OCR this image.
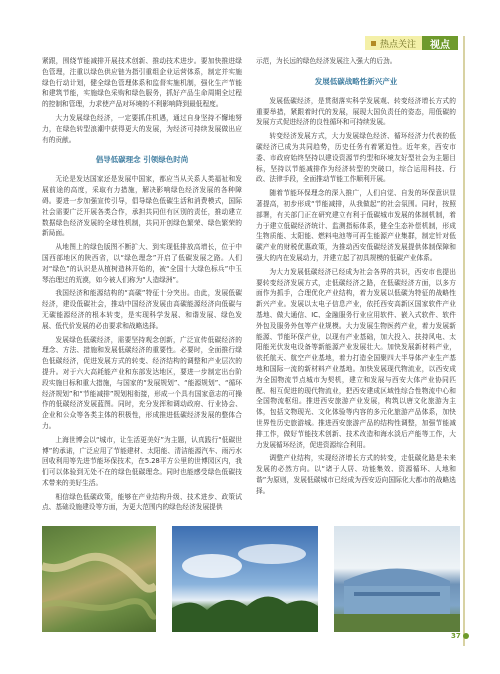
热点关注	视点

紧跟，围绕节能减排开展技术创新、推动技术进步。要加快推进绿色管理，注重以绿色供应链为指引重组企业运营体系，制定并实施绿色行动计划，健全绿色管理体系和监督实施机制，强化生产节能和建筑节能，实施绿色采购和绿色服务，抓好产品生命周期全过程的控制和管理，力求使产品对环境的不利影响降到最低程度。

大力发展绿色经济，一定要抓住机遇，通过自身坚持不懈地努力，在绿色转型浪潮中获得更大的发展，为经济可持续发展做出应有的贡献。

倡导低碳理念 引领绿色时尚

无论是发达国家还是发展中国家，都应当从关系人类福祉和发展前途的高度，采取有力措施，解决影响绿色经济发展的各种障碍。要进一步加强宣传引导，倡导绿色低碳生活和消费模式，国际社会需要广泛开展各类合作，承担共同但有区别的责任，推动建立数据绿色经济发展的全球性机制，共同开创绿色繁荣、绿色繁荣的新局面。

从地图上的绿色版图不断扩大、到实现低排放高增长，位于中国西部地区的陕西省，以“绿色理念”开启了低碳发展之路。人们对“绿色”的认识是从植树造林开始的，被“全国十大绿色标兵”中玉琴治理过的荒漠，如今被人们称为“人造绿洲”。

我国经济和能源结构的“高碳”特征十分突出。由此，发展低碳经济，建设低碳社会，推动中国经济发展由高碳能源经济向低碳与无碳能源经济的根本转变，是实现科学发展、和谐发展、绿色发展、低代价发展的必由要求和战略选择。

发展绿色低碳经济，需要坚持观念创新，广泛宣传低碳经济的理念、方法、措施和发展低碳经济的重要性。必要时，全面推行绿色低碳经济，促进发展方式的转变、经济结构的调整和产业层次的提升。对于六大高耗能产业和东部发达地区，要进一步制定出台阶段实施目标和重大措施，与国家的“发展规划”、“能源规划”、“循环经济规划”和“节能减排”规划相衔接，形成一个具有国家意志的可操作的低碳经济发展蓝图。同时，充分发挥和调动政府、行业协会、企业和公众等各类主体的积极性，形成推进低碳经济发展的整体合力。

上海世博会以“城市，让生活更美好”为主题，认真践行“低碳世博”的承诺，广泛应用了节能建材、太阳能、清洁能源汽车、雨污水回收利用等先进节能环保技术，在5.28平方公里的世博园区内，我们可以体验到无处不在的绿色低碳理念。同时也能感受绿色低碳技术带来的美好生活。

相信绿色低碳政策，能够在产业结构升级、技术进步、政策试点、基础设施建设等方面，为更大范围内的绿色经济发展提供

示范，为长远的绿色经济发展注入强大的后劲。

发展低碳战略性新兴产业

发展低碳经济，是贯彻落实科学发展观、转变经济增长方式的重要举措，紧跟着时代的发展，展现大国负责任的姿态，用低碳的发展方式促进经济的良性循环和可持续发展。

转变经济发展方式，大力发展绿色经济、循环经济力代表的低碳经济已成为共同趋势，历史任务有着紧迫性。近年来，西安市委、市政府始终坚持以建设资源节约型和环境友好型社会为主题目标，坚持以节能减排作为经济转型的突破口，综合运用科技、行政、法律手段，全面推动节能工作顺利开展。

随着节能环保理念的深入推广，人们自觉、自发的环保意识显著提高，初步形成“节能减排，从我做起”的社会氛围。同时，按照部署，有关部门正在研究建立有利于低碳城市发展的体制机制，着力于建立低碳经济统计、监测指标体系，健全生态补偿机制，形成生物质能、太阳能、燃料电池等可再生能源产业集群，制定针对低碳产业的财税优惠政策，为推动西安低碳经济发展提供体制保障和强大的内在发展动力，并建立起了初具规模的低碳产业体系。

为大力发展低碳经济已经成为社会各界的共识，西安市也提出要转变经济发展方式，走低碳经济之路，在低碳经济方面，以多方面作为抓手，合理优化产业结构，着力发展以低碳为特征的战略性新兴产业。发展以太电子信息产业，依托西安高新区国家软件产业基地、做大通信、IC、金融服务行业应用软件、嵌入式软件、软件外包及服务外包等产业规模。大力发展生物医药产业，着力发展新能源、节能环保产业，以现有产业基础，加大投入、扶持风电、太阳能光伏发电设备等新能源产业发展壮大。加快发展新材料产业，依托航天、航空产业基地，着力打造全国聚四大半导体产业生产基地和国际一流的新材料产业基地。加快发展现代物流业，以西安成为全国物流节点城市为契机，建立和发展与西安大体产业协同匹配、相互促进的现代物流业，把西安建成区域性综合性物流中心和全国物流枢纽。推进西安旅游产业发展，构筑以唐文化旅游为主体，包括文物现光、文化体验等内容的多元化旅游产品体系，加快世界性历史旅游城。推进西安旅游产品的结构性调整，加强节能减排工作，做好节能技术创新、技术改造和海水淡后产能等工作，大力发展循环经济，促进资源综合利用。

调整产业结构，实现经济增长方式的转变，走低碳化路是未来发展的必然方向。以“诸于人居、功能集效、资源循环、人地和谐”为原则，发展低碳城市已经成为西安迈向国际化大都市的战略选择。

37
